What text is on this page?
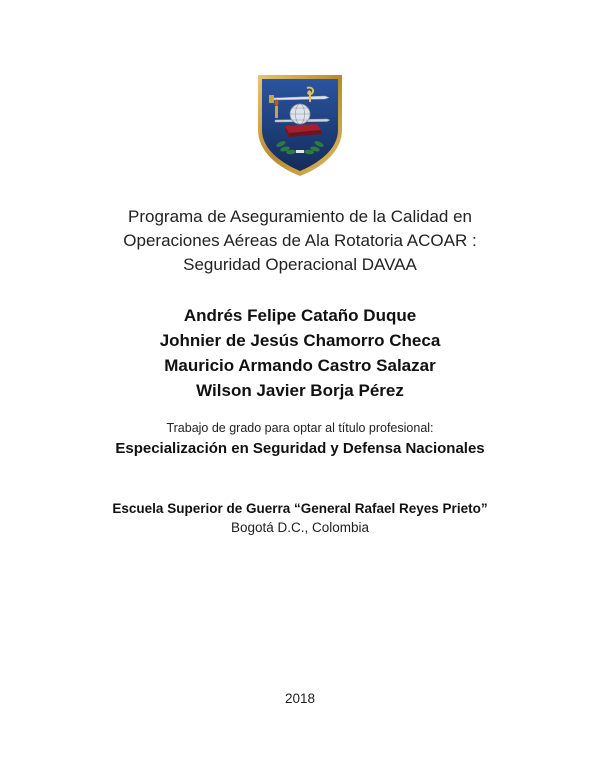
Programa de Aseguramiento de la Calidad en
Operaciones Aéreas de Ala Rotatoria ACOAR :
Seguridad Operacional DAVAA
Andrés Felipe Cataño Duque
Johnier de Jesús Chamorro Checa
Mauricio Armando Castro Salazar
Wilson Javier Borja Pérez
Trabajo de grado para optar al título profesional:
Especialización en Seguridad y Defensa Nacionales
Escuela Superior de Guerra “General Rafael Reyes Prieto”
Bogotá D.C., Colombia
2018
